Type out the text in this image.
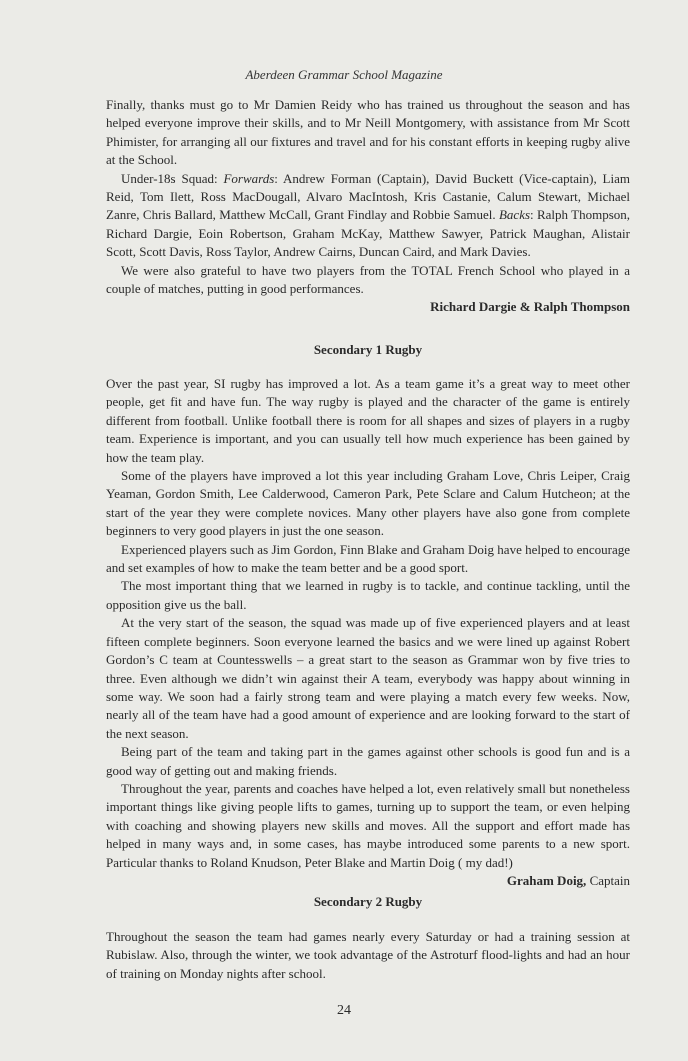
Aberdeen Grammar School Magazine

Finally, thanks must go to Mr Damien Reidy who has trained us throughout the season and has helped everyone improve their skills, and to Mr Neill Montgomery, with assistance from Mr Scott Phimister, for arranging all our fixtures and travel and for his constant efforts in keeping rugby alive at the School.

Under-18s Squad: Forwards: Andrew Forman (Captain), David Buckett (Vice-captain), Liam Reid, Tom Ilett, Ross MacDougall, Alvaro MacIntosh, Kris Castanie, Calum Stewart, Michael Zanre, Chris Ballard, Matthew McCall, Grant Findlay and Robbie Samuel. Backs: Ralph Thompson, Richard Dargie, Eoin Robertson, Graham McKay, Matthew Sawyer, Patrick Maughan, Alistair Scott, Scott Davis, Ross Taylor, Andrew Cairns, Duncan Caird, and Mark Davies.

We were also grateful to have two players from the TOTAL French School who played in a couple of matches, putting in good performances.

Richard Dargie & Ralph Thompson

Secondary 1 Rugby

Over the past year, SI rugby has improved a lot. As a team game it’s a great way to meet other people, get fit and have fun. The way rugby is played and the character of the game is entirely different from football. Unlike football there is room for all shapes and sizes of players in a rugby team. Experience is important, and you can usually tell how much experience has been gained by how the team play.

Some of the players have improved a lot this year including Graham Love, Chris Leiper, Craig Yeaman, Gordon Smith, Lee Calderwood, Cameron Park, Pete Sclare and Calum Hutcheon; at the start of the year they were complete novices. Many other players have also gone from complete beginners to very good players in just the one season.

Experienced players such as Jim Gordon, Finn Blake and Graham Doig have helped to encourage and set examples of how to make the team better and be a good sport.

The most important thing that we learned in rugby is to tackle, and continue tackling, until the opposition give us the ball.

At the very start of the season, the squad was made up of five experienced players and at least fifteen complete beginners. Soon everyone learned the basics and we were lined up against Robert Gordon’s C team at Countesswells – a great start to the season as Grammar won by five tries to three. Even although we didn’t win against their A team, everybody was happy about winning in some way. We soon had a fairly strong team and were playing a match every few weeks. Now, nearly all of the team have had a good amount of experience and are looking forward to the start of the next season.

Being part of the team and taking part in the games against other schools is good fun and is a good way of getting out and making friends.

Throughout the year, parents and coaches have helped a lot, even relatively small but nonetheless important things like giving people lifts to games, turning up to support the team, or even helping with coaching and showing players new skills and moves. All the support and effort made has helped in many ways and, in some cases, has maybe introduced some parents to a new sport. Particular thanks to Roland Knudson, Peter Blake and Martin Doig ( my dad!)

Graham Doig, Captain

Secondary 2 Rugby

Throughout the season the team had games nearly every Saturday or had a training session at Rubislaw. Also, through the winter, we took advantage of the Astroturf flood-lights and had an hour of training on Monday nights after school.

24
